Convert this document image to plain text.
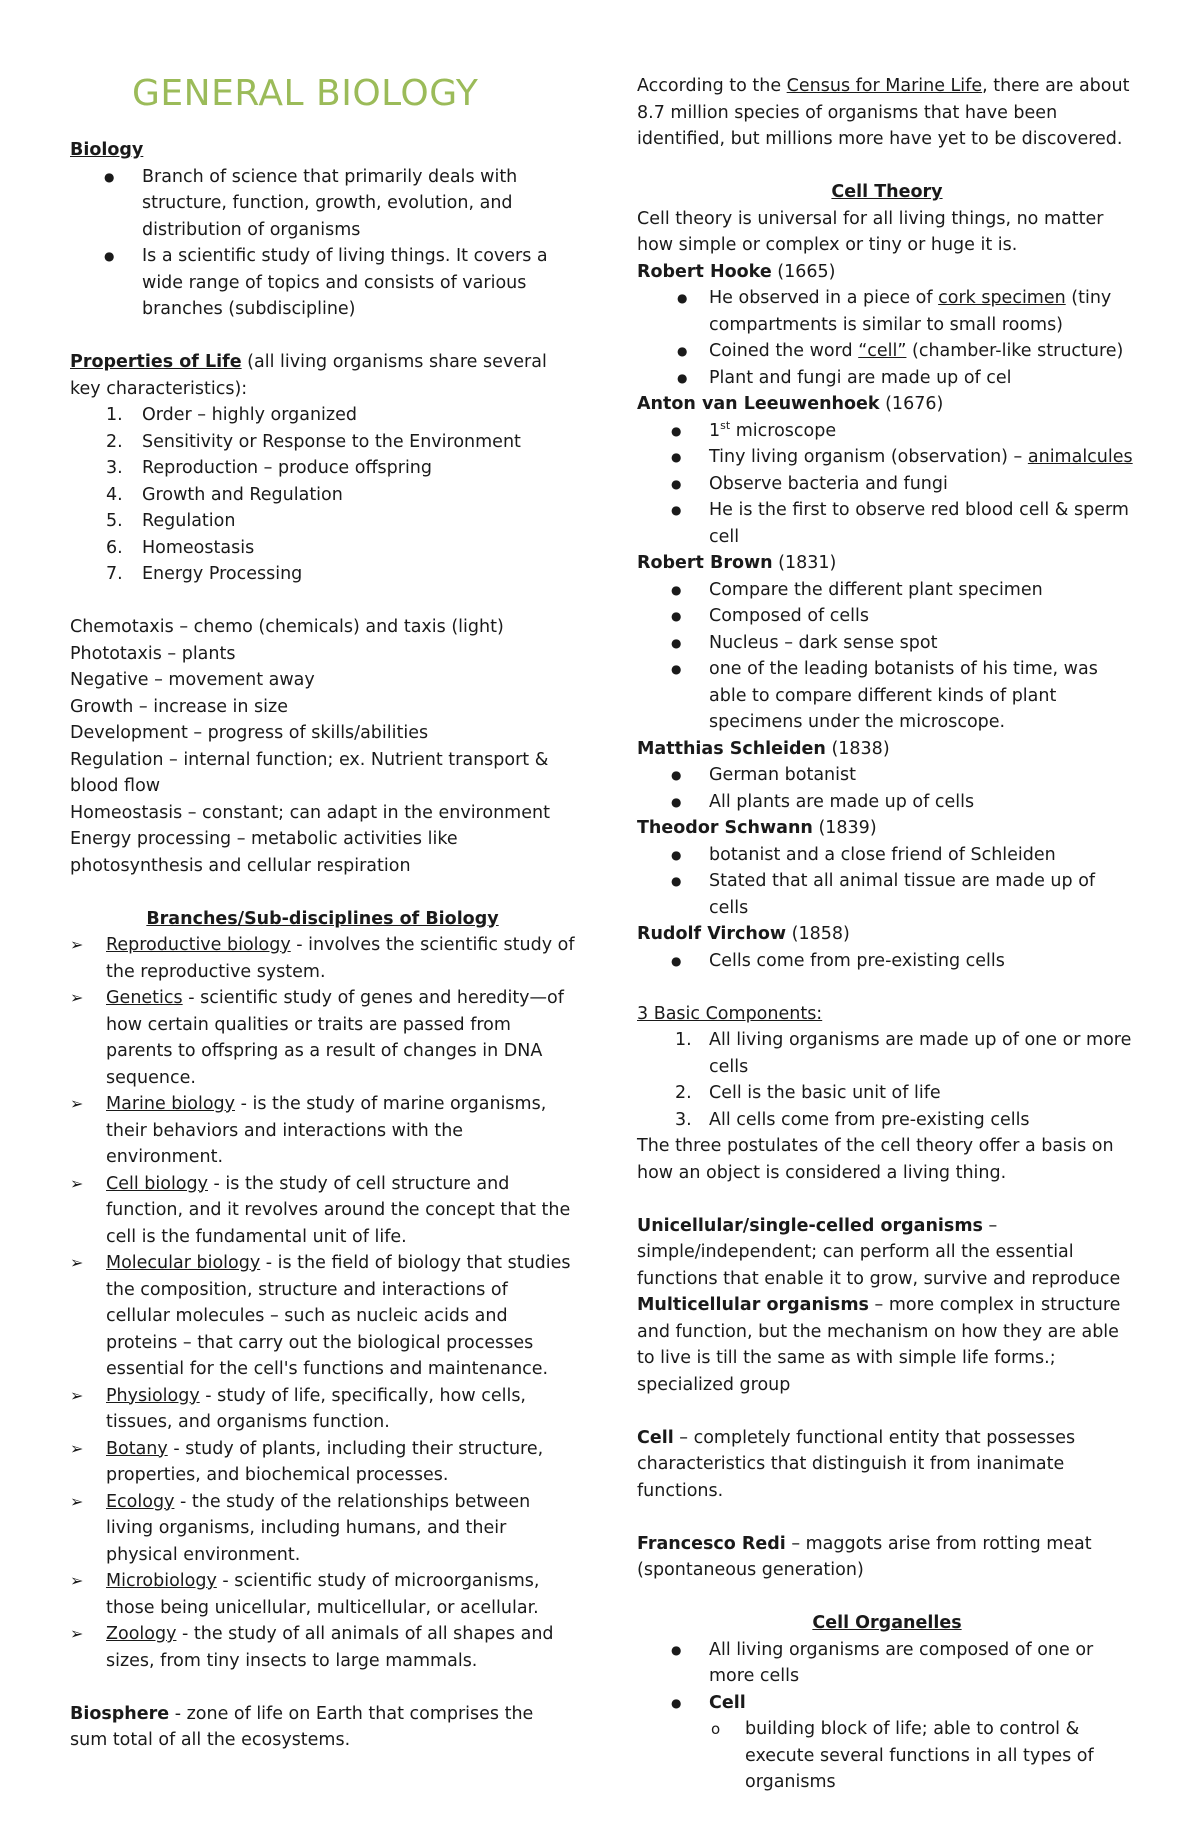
GENERAL BIOLOGY

Biology

● Branch of science that primarily deals with structure, function, growth, evolution, and distribution of organisms
● Is a scientific study of living things. It covers a wide range of topics and consists of various branches (subdiscipline)

Properties of Life (all living organisms share several key characteristics):

1. Order – highly organized
2. Sensitivity or Response to the Environment
3. Reproduction – produce offspring
4. Growth and Regulation
5. Regulation
6. Homeostasis
7. Energy Processing

Chemotaxis – chemo (chemicals) and taxis (light)

Phototaxis – plants

Negative – movement away

Growth – increase in size

Development – progress of skills/abilities

Regulation – internal function; ex. Nutrient transport & blood flow

Homeostasis – constant; can adapt in the environment

Energy processing – metabolic activities like photosynthesis and cellular respiration

Branches/Sub-disciplines of Biology

➢ Reproductive biology - involves the scientific study of the reproductive system.
➢ Genetics - scientific study of genes and heredity—of how certain qualities or traits are passed from parents to offspring as a result of changes in DNA sequence.
➢ Marine biology - is the study of marine organisms, their behaviors and interactions with the environment.
➢ Cell biology - is the study of cell structure and function, and it revolves around the concept that the cell is the fundamental unit of life.
➢ Molecular biology - is the field of biology that studies the composition, structure and interactions of cellular molecules – such as nucleic acids and proteins – that carry out the biological processes essential for the cell's functions and maintenance.
➢ Physiology - study of life, specifically, how cells, tissues, and organisms function.
➢ Botany - study of plants, including their structure, properties, and biochemical processes.
➢ Ecology - the study of the relationships between living organisms, including humans, and their physical environment.
➢ Microbiology - scientific study of microorganisms, those being unicellular, multicellular, or acellular.
➢ Zoology - the study of all animals of all shapes and sizes, from tiny insects to large mammals.

Biosphere - zone of life on Earth that comprises the sum total of all the ecosystems.

According to the Census for Marine Life, there are about 8.7 million species of organisms that have been identified, but millions more have yet to be discovered.

Cell Theory

Cell theory is universal for all living things, no matter how simple or complex or tiny or huge it is.

Robert Hooke (1665)

● He observed in a piece of cork specimen (tiny compartments is similar to small rooms)
● Coined the word “cell” (chamber-like structure)
● Plant and fungi are made up of cel

Anton van Leeuwenhoek (1676)

● 1st microscope
● Tiny living organism (observation) – animalcules
● Observe bacteria and fungi
● He is the first to observe red blood cell & sperm cell

Robert Brown (1831)

● Compare the different plant specimen
● Composed of cells
● Nucleus – dark sense spot
● one of the leading botanists of his time, was able to compare different kinds of plant specimens under the microscope.

Matthias Schleiden (1838)

● German botanist
● All plants are made up of cells

Theodor Schwann (1839)

● botanist and a close friend of Schleiden
● Stated that all animal tissue are made up of cells

Rudolf Virchow (1858)

● Cells come from pre-existing cells

3 Basic Components:

1. All living organisms are made up of one or more cells
2. Cell is the basic unit of life
3. All cells come from pre-existing cells

The three postulates of the cell theory offer a basis on how an object is considered a living thing.

Unicellular/single-celled organisms – simple/independent; can perform all the essential functions that enable it to grow, survive and reproduce

Multicellular organisms – more complex in structure and function, but the mechanism on how they are able to live is till the same as with simple life forms.; specialized group

Cell – completely functional entity that possesses characteristics that distinguish it from inanimate functions.

Francesco Redi – maggots arise from rotting meat (spontaneous generation)

Cell Organelles

● All living organisms are composed of one or more cells
● Cell
o building block of life; able to control & execute several functions in all types of organisms
